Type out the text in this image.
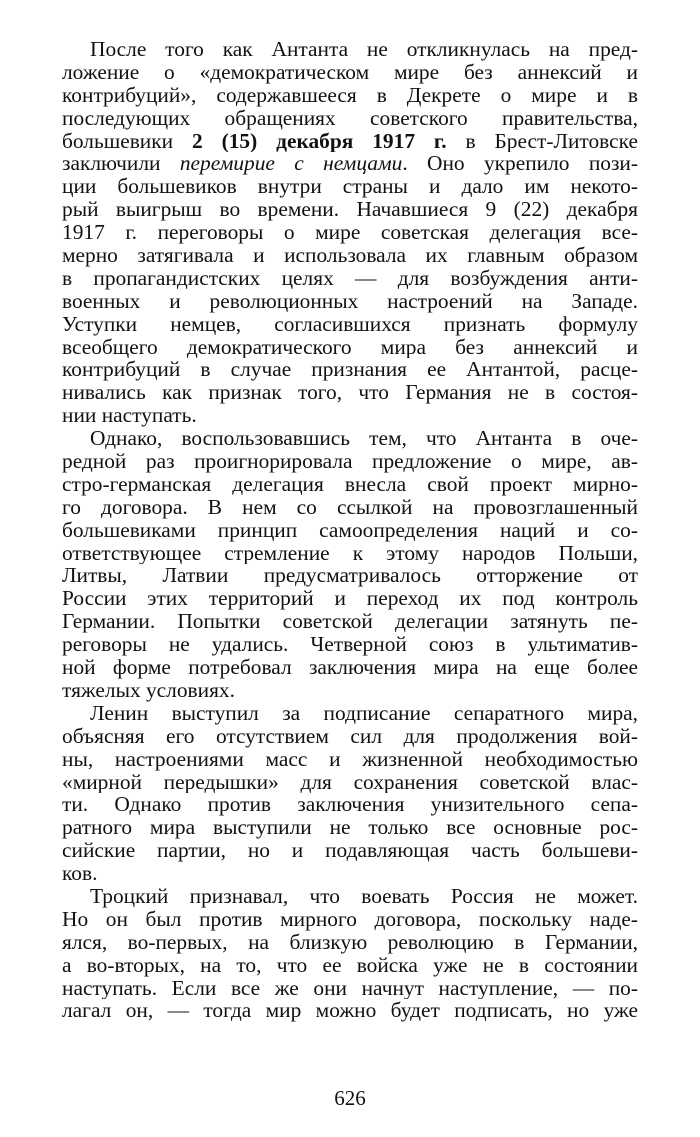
После того как Антанта не откликнулась на пред-
ложение о «демократическом мире без аннексий и
контрибуций», содержавшееся в Декрете о мире и в
последующих обращениях советского правительства,
большевики 2 (15) декабря 1917 г. в Брест-Литовске
заключили перемирие с немцами. Оно укрепило пози-
ции большевиков внутри страны и дало им некото-
рый выигрыш во времени. Начавшиеся 9 (22) декабря
1917 г. переговоры о мире советская делегация все-
мерно затягивала и использовала их главным образом
в пропагандистских целях — для возбуждения анти-
военных и революционных настроений на Западе.
Уступки немцев, согласившихся признать формулу
всеобщего демократического мира без аннексий и
контрибуций в случае признания ее Антантой, расце-
нивались как признак того, что Германия не в состоя-
нии наступать.
Однако, воспользовавшись тем, что Антанта в оче-
редной раз проигнорировала предложение о мире, ав-
стро-германская делегация внесла свой проект мирно-
го договора. В нем со ссылкой на провозглашенный
большевиками принцип самоопределения наций и со-
ответствующее стремление к этому народов Польши,
Литвы, Латвии предусматривалось отторжение от
России этих территорий и переход их под контроль
Германии. Попытки советской делегации затянуть пе-
реговоры не удались. Четверной союз в ультиматив-
ной форме потребовал заключения мира на еще более
тяжелых условиях.
Ленин выступил за подписание сепаратного мира,
объясняя его отсутствием сил для продолжения вой-
ны, настроениями масс и жизненной необходимостью
«мирной передышки» для сохранения советской влас-
ти. Однако против заключения унизительного сепа-
ратного мира выступили не только все основные рос-
сийские партии, но и подавляющая часть большеви-
ков.
Троцкий признавал, что воевать Россия не может.
Но он был против мирного договора, поскольку наде-
ялся, во-первых, на близкую революцию в Германии,
а во-вторых, на то, что ее войска уже не в состоянии
наступать. Если все же они начнут наступление, — по-
лагал он, — тогда мир можно будет подписать, но уже
626
